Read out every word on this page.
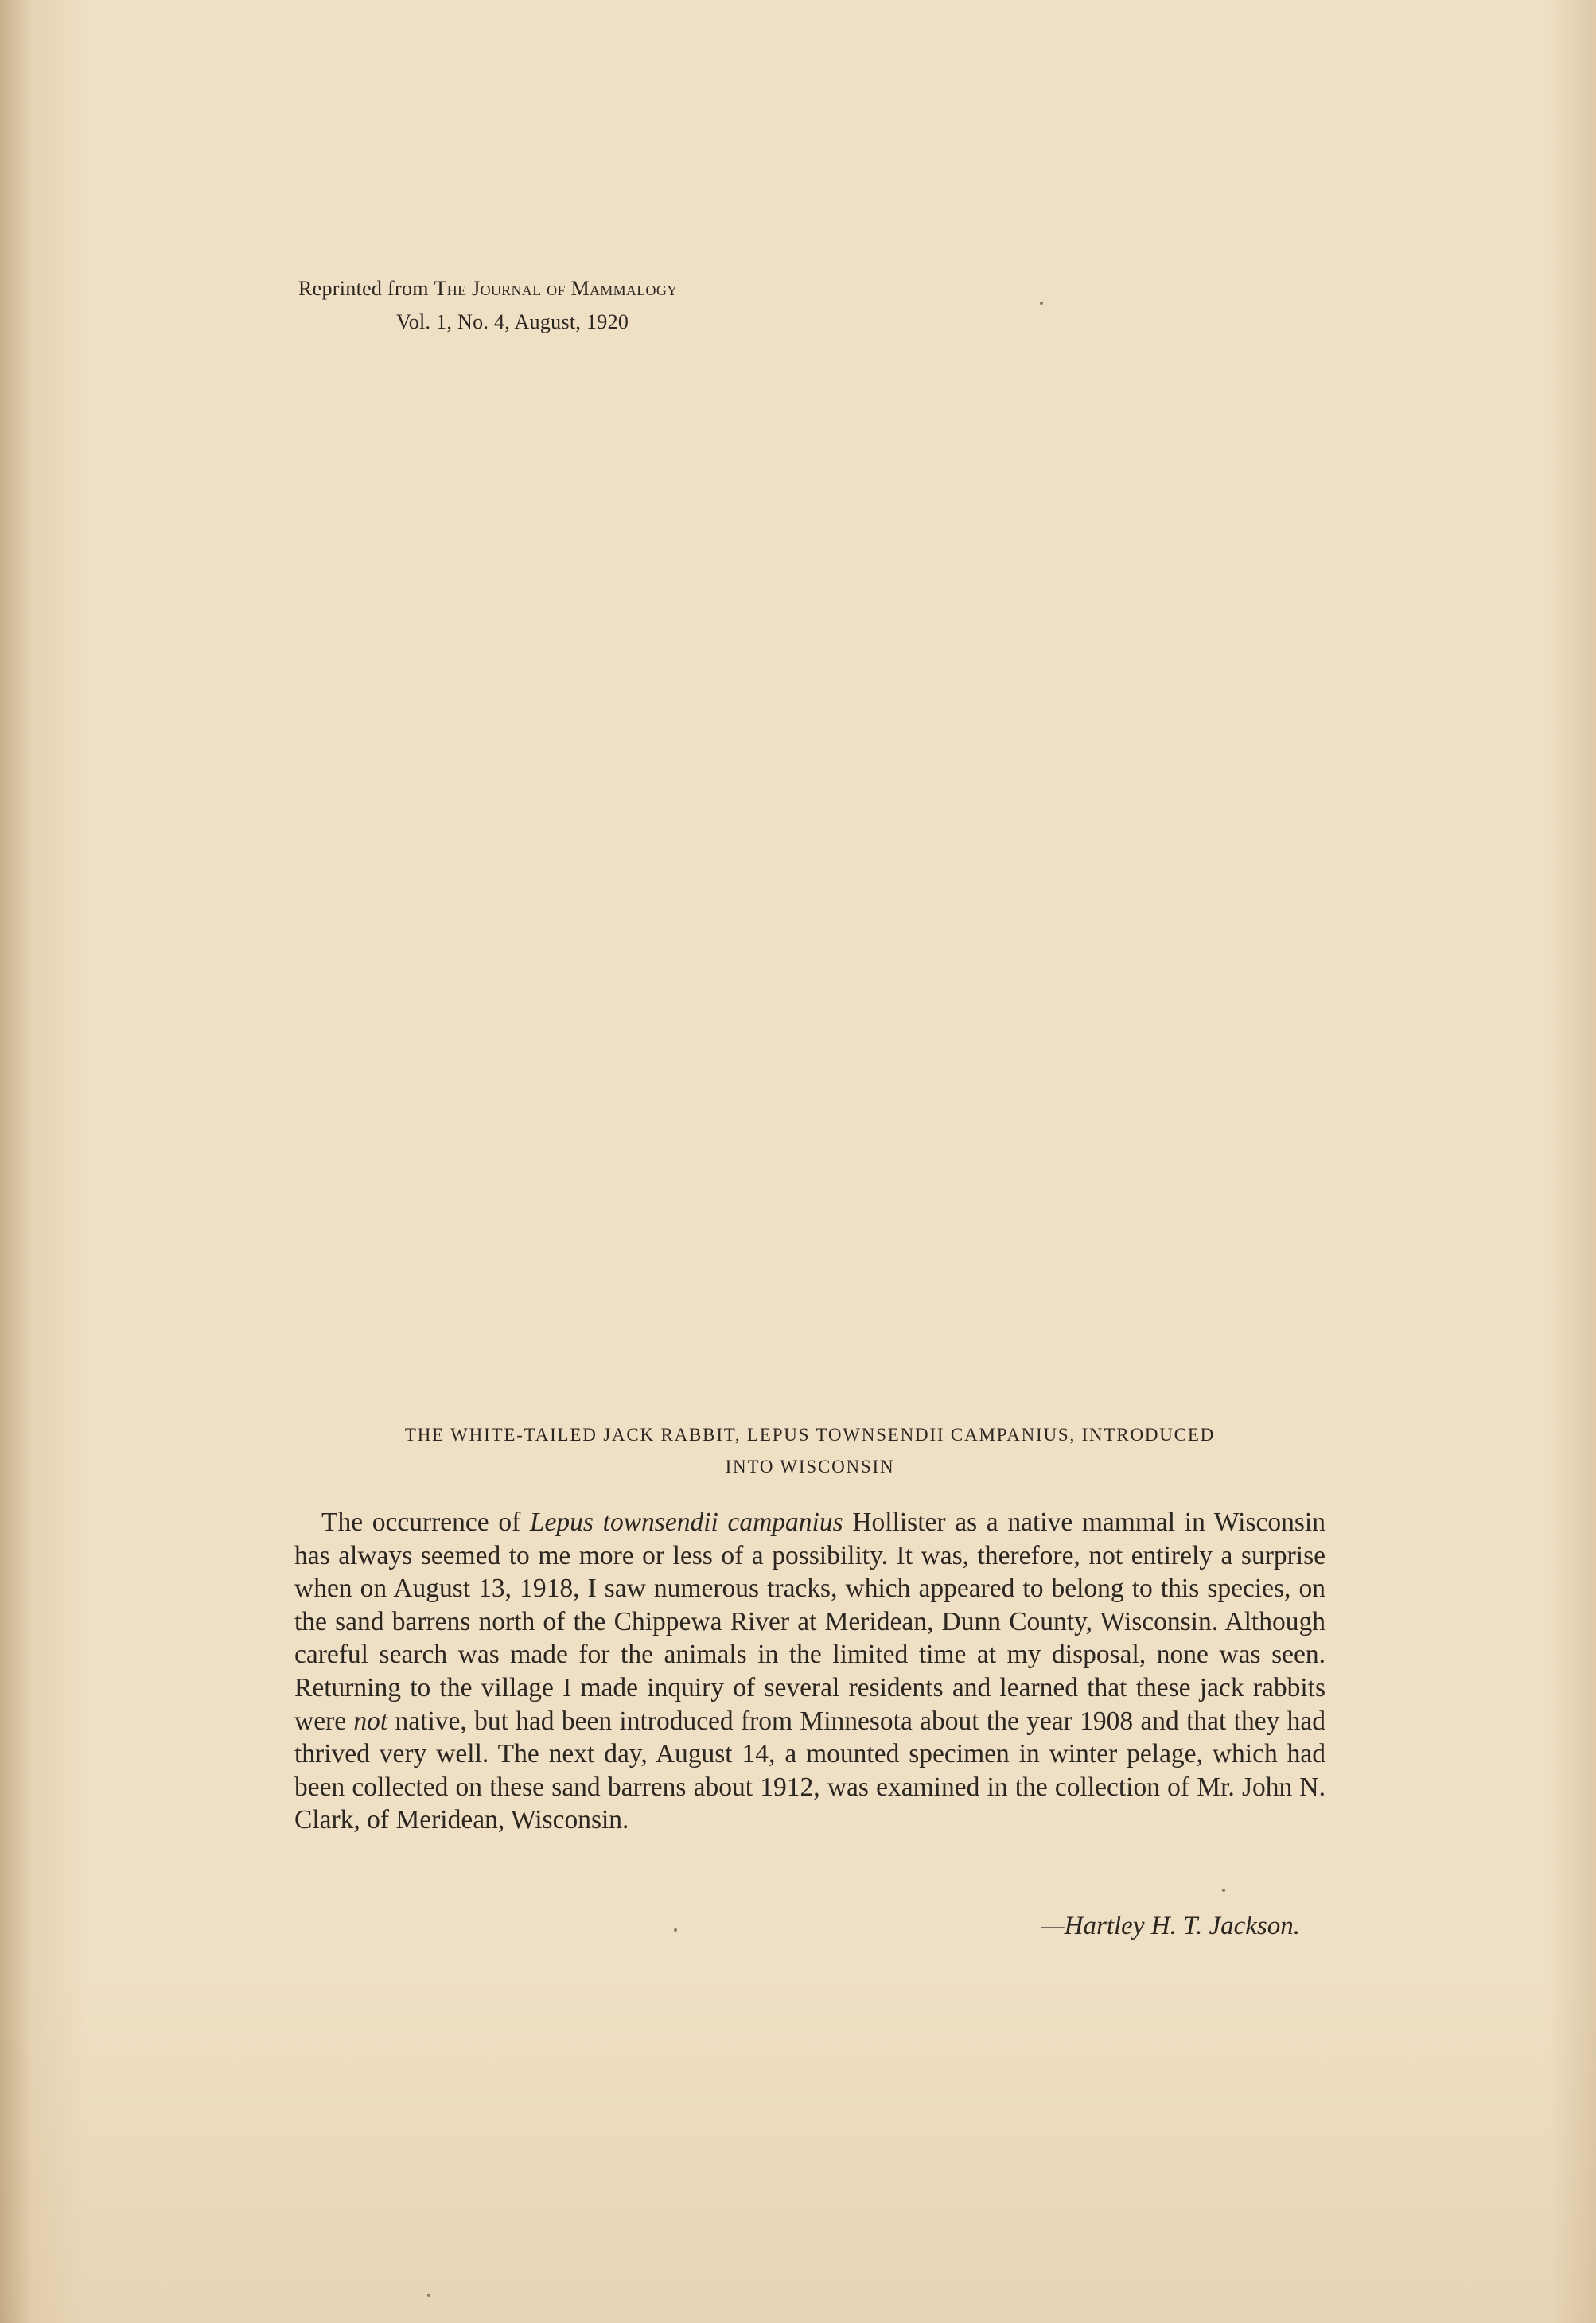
Reprinted from The Journal of Mammalogy
Vol. 1, No. 4, August, 1920
THE WHITE-TAILED JACK RABBIT, LEPUS TOWNSENDII CAMPANIUS, INTRODUCED
INTO WISCONSIN

The occurrence of Lepus townsendii campanius Hollister as a native mammal in Wisconsin has always seemed to me more or less of a possibility. It was, therefore, not entirely a surprise when on August 13, 1918, I saw numerous tracks, which appeared to belong to this species, on the sand barrens north of the Chippewa River at Meridean, Dunn County, Wisconsin. Although careful search was made for the animals in the limited time at my disposal, none was seen. Returning to the village I made inquiry of several residents and learned that these jack rabbits were not native, but had been introduced from Minnesota about the year 1908 and that they had thrived very well. The next day, August 14, a mounted specimen in winter pelage, which had been collected on these sand barrens about 1912, was examined in the collection of Mr. John N. Clark, of Meridean, Wisconsin.

—Hartley H. T. Jackson.
